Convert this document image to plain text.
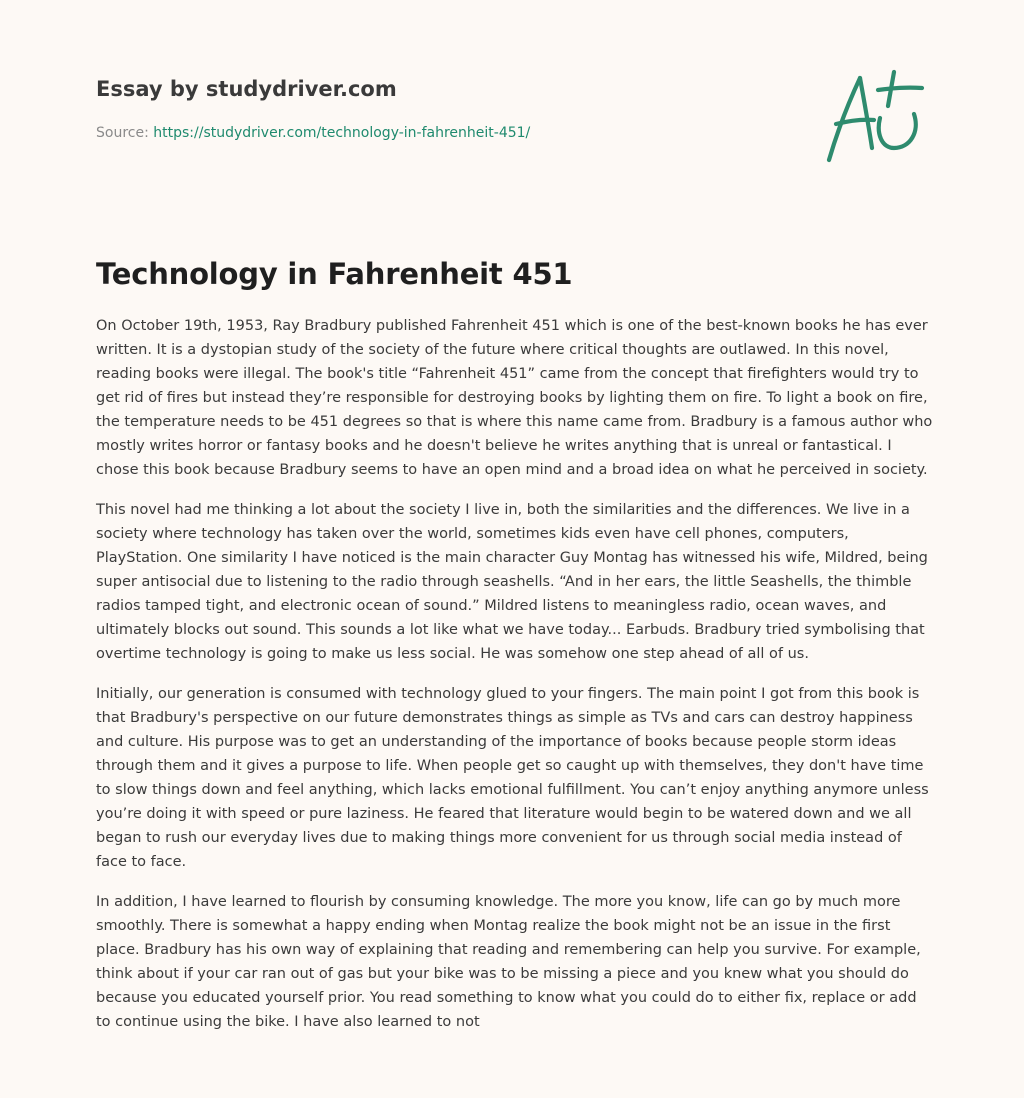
Essay by studydriver.com
Source: https://studydriver.com/technology-in-fahrenheit-451/
Technology in Fahrenheit 451

On October 19th, 1953, Ray Bradbury published Fahrenheit 451 which is one of the best-known books he has ever written. It is a dystopian study of the society of the future where critical thoughts are outlawed. In this novel, reading books were illegal. The book's title “Fahrenheit 451” came from the concept that firefighters would try to get rid of fires but instead they’re responsible for destroying books by lighting them on fire. To light a book on fire, the temperature needs to be 451 degrees so that is where this name came from. Bradbury is a famous author who mostly writes horror or fantasy books and he doesn't believe he writes anything that is unreal or fantastical. I chose this book because Bradbury seems to have an open mind and a broad idea on what he perceived in society.

This novel had me thinking a lot about the society I live in, both the similarities and the differences. We live in a society where technology has taken over the world, sometimes kids even have cell phones, computers, PlayStation. One similarity I have noticed is the main character Guy Montag has witnessed his wife, Mildred, being super antisocial due to listening to the radio through seashells. “And in her ears, the little Seashells, the thimble radios tamped tight, and electronic ocean of sound.” Mildred listens to meaningless radio, ocean waves, and ultimately blocks out sound. This sounds a lot like what we have today... Earbuds. Bradbury tried symbolising that overtime technology is going to make us less social. He was somehow one step ahead of all of us.

Initially, our generation is consumed with technology glued to your fingers. The main point I got from this book is that Bradbury's perspective on our future demonstrates things as simple as TVs and cars can destroy happiness and culture. His purpose was to get an understanding of the importance of books because people storm ideas through them and it gives a purpose to life. When people get so caught up with themselves, they don't have time to slow things down and feel anything, which lacks emotional fulfillment. You can’t enjoy anything anymore unless you’re doing it with speed or pure laziness. He feared that literature would begin to be watered down and we all began to rush our everyday lives due to making things more convenient for us through social media instead of face to face.

In addition, I have learned to flourish by consuming knowledge. The more you know, life can go by much more smoothly. There is somewhat a happy ending when Montag realize the book might not be an issue in the first place. Bradbury has his own way of explaining that reading and remembering can help you survive. For example, think about if your car ran out of gas but your bike was to be missing a piece and you knew what you should do because you educated yourself prior. You read something to know what you could do to either fix, replace or add to continue using the bike. I have also learned to not
